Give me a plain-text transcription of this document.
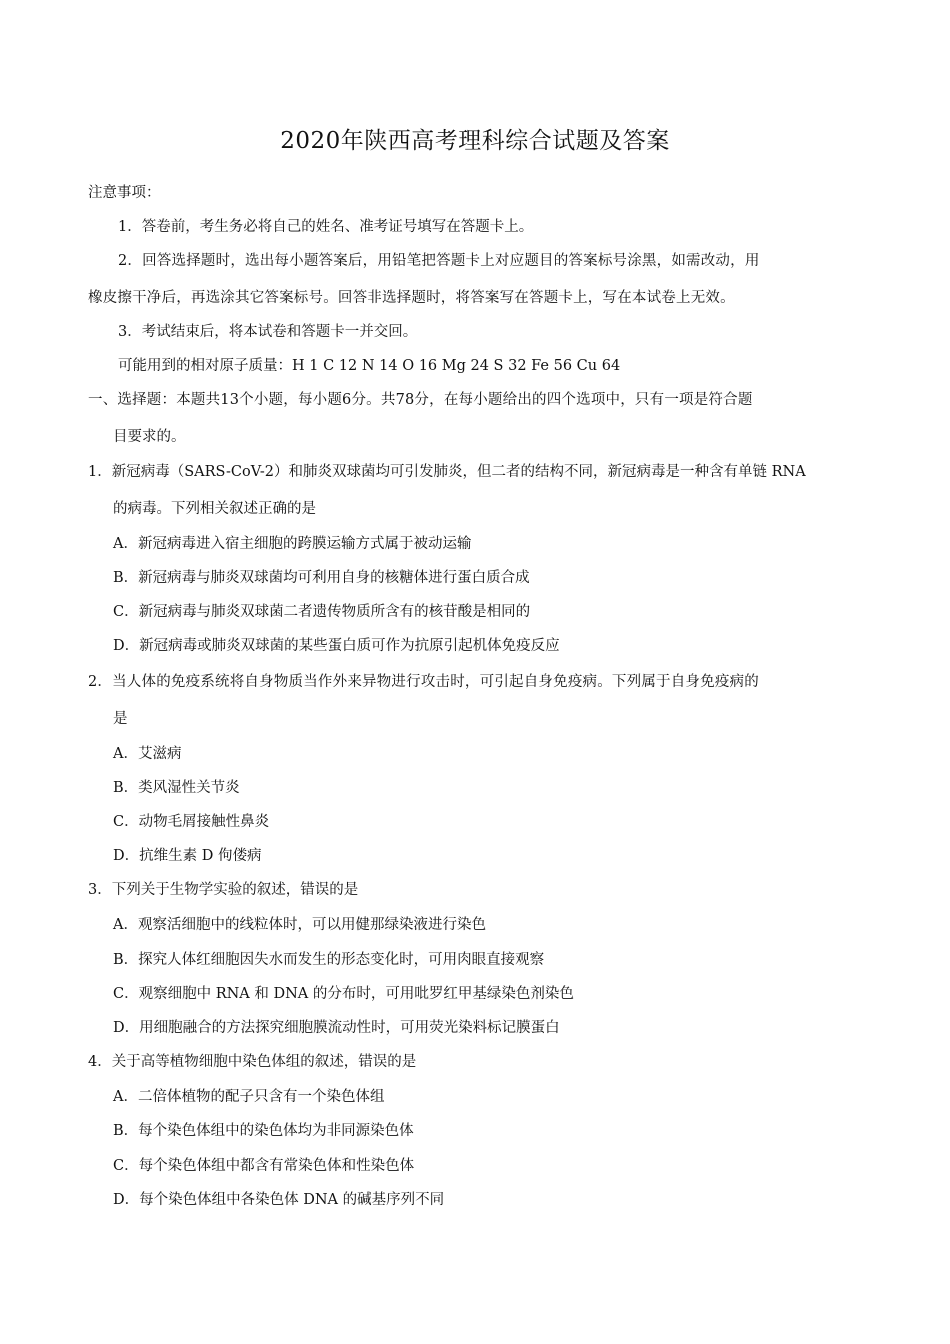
2020年陕西高考理科综合试题及答案
注意事项：
1．答卷前，考生务必将自己的姓名、准考证号填写在答题卡上。
2．回答选择题时，选出每小题答案后，用铅笔把答题卡上对应题目的答案标号涂黑，如需改动，用
橡皮擦干净后，再选涂其它答案标号。回答非选择题时，将答案写在答题卡上，写在本试卷上无效。
3．考试结束后，将本试卷和答题卡一并交回。
可能用到的相对原子质量：H 1 C 12 N 14 O 16 Mg 24 S 32 Fe 56 Cu 64
一、选择题：本题共13个小题，每小题6分。共78分，在每小题给出的四个选项中，只有一项是符合题
目要求的。
1．新冠病毒（SARS-CoV-2）和肺炎双球菌均可引发肺炎，但二者的结构不同，新冠病毒是一种含有单链 RNA
的病毒。下列相关叙述正确的是
A．新冠病毒进入宿主细胞的跨膜运输方式属于被动运输
B．新冠病毒与肺炎双球菌均可利用自身的核糖体进行蛋白质合成
C．新冠病毒与肺炎双球菌二者遗传物质所含有的核苷酸是相同的
D．新冠病毒或肺炎双球菌的某些蛋白质可作为抗原引起机体免疫反应
2．当人体的免疫系统将自身物质当作外来异物进行攻击时，可引起自身免疫病。下列属于自身免疫病的
是
A．艾滋病
B．类风湿性关节炎
C．动物毛屑接触性鼻炎
D．抗维生素 D 佝偻病
3．下列关于生物学实验的叙述，错误的是
A．观察活细胞中的线粒体时，可以用健那绿染液进行染色
B．探究人体红细胞因失水而发生的形态变化时，可用肉眼直接观察
C．观察细胞中 RNA 和 DNA 的分布时，可用吡罗红甲基绿染色剂染色
D．用细胞融合的方法探究细胞膜流动性时，可用荧光染料标记膜蛋白
4．关于高等植物细胞中染色体组的叙述，错误的是
A．二倍体植物的配子只含有一个染色体组
B．每个染色体组中的染色体均为非同源染色体
C．每个染色体组中都含有常染色体和性染色体
D．每个染色体组中各染色体 DNA 的碱基序列不同
